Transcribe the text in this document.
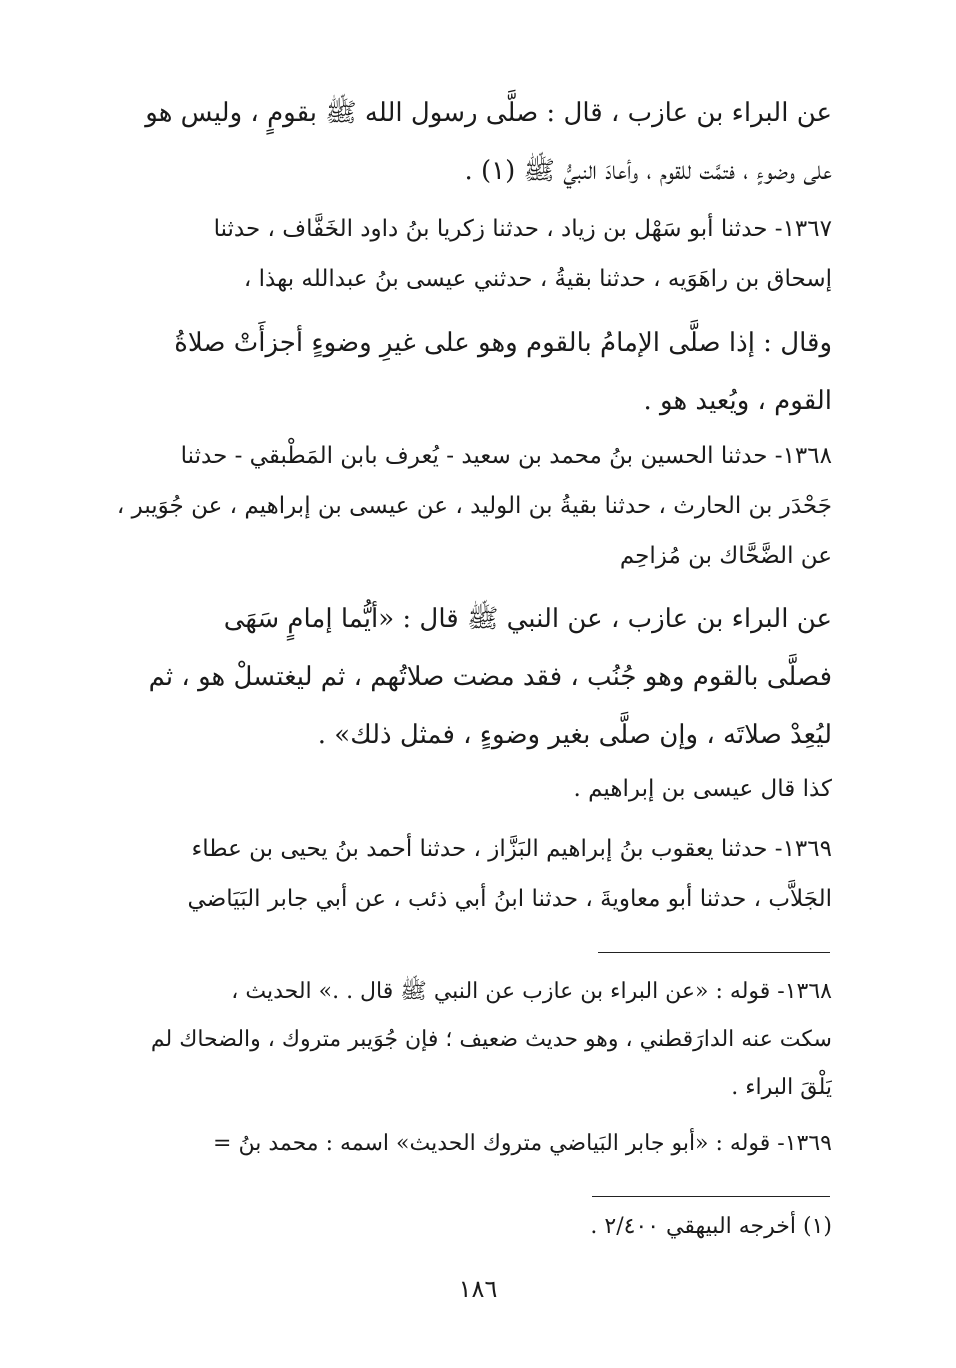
عن البراء بن عازب ، قال : صلَّى رسول الله ﷺ بقومٍ ، وليس هو
على وضوءٍ ، فتمَّت للقوم ، وأعادَ النبيُّ ﷺ (١) .
١٣٦٧- حدثنا أبو سَهْل بن زياد ، حدثنا زكريا بنُ داود الخَفَّاف ، حدثنا
إسحاق بن راهَوَيه ، حدثنا بقيةُ ، حدثني عيسى بنُ عبدالله بهذا ،
وقال : إذا صلَّى الإمامُ بالقوم وهو على غيرِ وضوءٍ أجزأَتْ صلاةُ
القوم ، ويُعيد هو .
١٣٦٨- حدثنا الحسين بنُ محمد بن سعيد - يُعرف بابن المَطْبقي - حدثنا
جَحْدَر بن الحارث ، حدثنا بقيةُ بن الوليد ، عن عيسى بن إبراهيم ، عن جُوَيبر ،
عن الضَّحَّاك بن مُزاحِم
عن البراء بن عازب ، عن النبي ﷺ قال : «أيُّما إمامٍ سَهَى
فصلَّى بالقوم وهو جُنُب ، فقد مضت صلاتُهم ، ثم ليغتسلْ هو ، ثم
ليُعِدْ صلاتَه ، وإن صلَّى بغير وضوءٍ ، فمثل ذلك» .
كذا قال عيسى بن إبراهيم .
١٣٦٩- حدثنا يعقوب بنُ إبراهيم البَزَّاز ، حدثنا أحمد بنُ يحيى بن عطاء
الجَلاَّب ، حدثنا أبو معاويةَ ، حدثنا ابنُ أبي ذئب ، عن أبي جابر البَيَاضي
١٣٦٨- قوله : «عن البراء بن عازب عن النبي ﷺ قال . .» الحديث ،
سكت عنه الدارَقطني ، وهو حديث ضعيف ؛ فإن جُوَيبر متروك ، والضحاك لم
يَلْقَ البراء .
١٣٦٩- قوله : «أبو جابر البَياضي متروك الحديث» اسمه : محمد بنُ =
(١) أخرجه البيهقي ٢/٤٠٠ .
١٨٦
